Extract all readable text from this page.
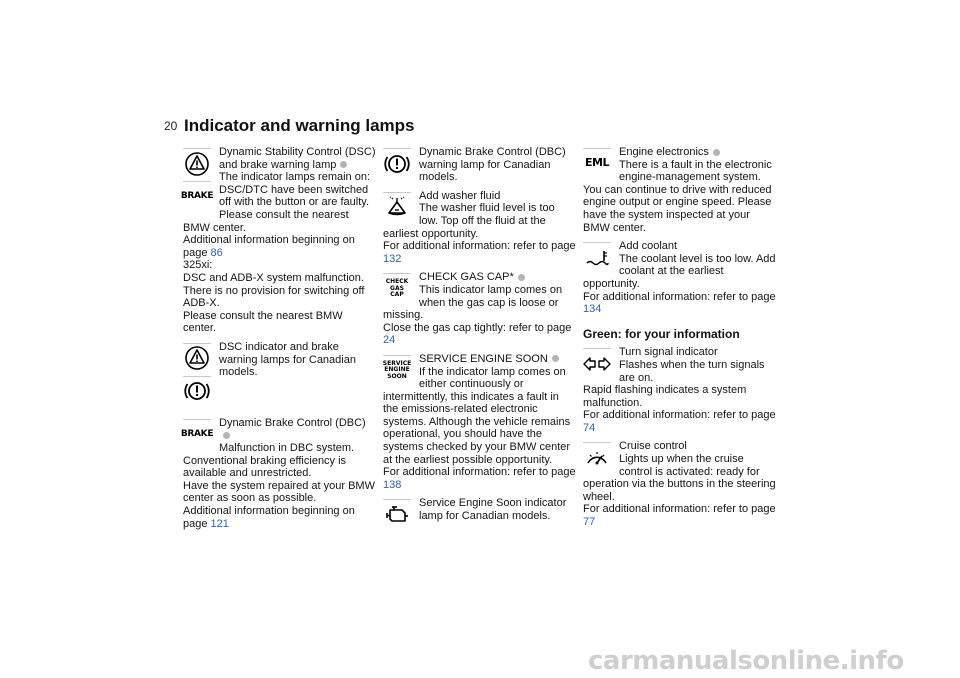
20 Indicator and warning lamps
BRAKE
Dynamic Stability Control (DSC) and brake warning lamp
The indicator lamps remain on: DSC/DTC have been switched off with the button or are faulty. Please consult the nearest BMW center.
Additional information beginning on page 86
325xi:
DSC and ADB-X system malfunction. There is no provision for switching off ADB-X.
Please consult the nearest BMW center.
DSC indicator and brake warning lamps for Canadian models.
BRAKE
Dynamic Brake Control (DBC)
Malfunction in DBC system. Conventional braking efficiency is available and unrestricted.
Have the system repaired at your BMW center as soon as possible.
Additional information beginning on page 121
Dynamic Brake Control (DBC) warning lamp for Canadian models.
Add washer fluid
The washer fluid level is too low. Top off the fluid at the earliest opportunity.
For additional information: refer to page 132
CHECK
GAS CAP
CHECK GAS CAP*
This indicator lamp comes on when the gas cap is loose or missing.
Close the gas cap tightly: refer to page 24
SERVICE
ENGINE
SOON
SERVICE ENGINE SOON
If the indicator lamp comes on either continuously or intermittently, this indicates a fault in the emissions-related electronic systems. Although the vehicle remains operational, you should have the systems checked by your BMW center at the earliest possible opportunity.
For additional information: refer to page 138
Service Engine Soon indicator lamp for Canadian models.
EML
Engine electronics
There is a fault in the electronic engine-management system.
You can continue to drive with reduced engine output or engine speed. Please have the system inspected at your BMW center.
Add coolant
The coolant level is too low. Add coolant at the earliest opportunity.
For additional information: refer to page 134
Green: for your information
Turn signal indicator
Flashes when the turn signals are on.
Rapid flashing indicates a system malfunction.
For additional information: refer to page 74
Cruise control
Lights up when the cruise control is activated: ready for operation via the buttons in the steering wheel.
For additional information: refer to page 77
carmanualsonline.info
